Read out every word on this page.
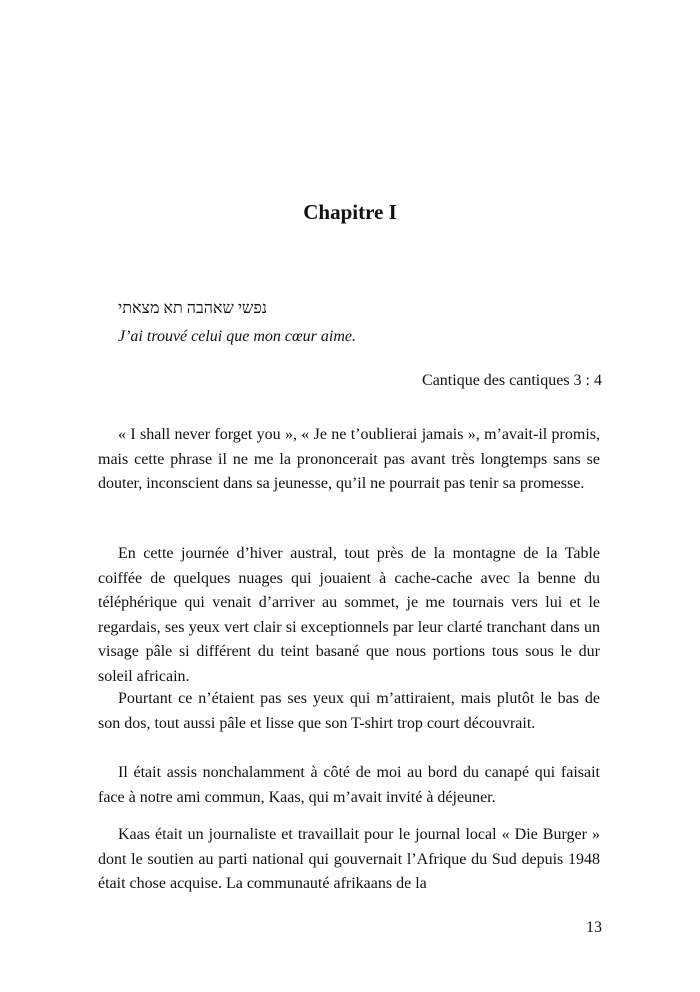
Chapitre I
נפשי שאהבה תא מצאתי
J’ai trouvé celui que mon cœur aime.
Cantique des cantiques 3 : 4

« I shall never forget you », « Je ne t’oublierai jamais », m’avait-il promis, mais cette phrase il ne me la prononcerait pas avant très longtemps sans se douter, inconscient dans sa jeunesse, qu’il ne pourrait pas tenir sa promesse.

En cette journée d’hiver austral, tout près de la montagne de la Table coiffée de quelques nuages qui jouaient à cache-cache avec la benne du téléphérique qui venait d’arriver au sommet, je me tournais vers lui et le regardais, ses yeux vert clair si exceptionnels par leur clarté tranchant dans un visage pâle si différent du teint basané que nous portions tous sous le dur soleil africain.

Pourtant ce n’étaient pas ses yeux qui m’attiraient, mais plutôt le bas de son dos, tout aussi pâle et lisse que son T-shirt trop court découvrait.

Il était assis nonchalamment à côté de moi au bord du canapé qui faisait face à notre ami commun, Kaas, qui m’avait invité à déjeuner.

Kaas était un journaliste et travaillait pour le journal local « Die Burger » dont le soutien au parti national qui gouvernait l’Afrique du Sud depuis 1948 était chose acquise. La communauté afrikaans de la

13
